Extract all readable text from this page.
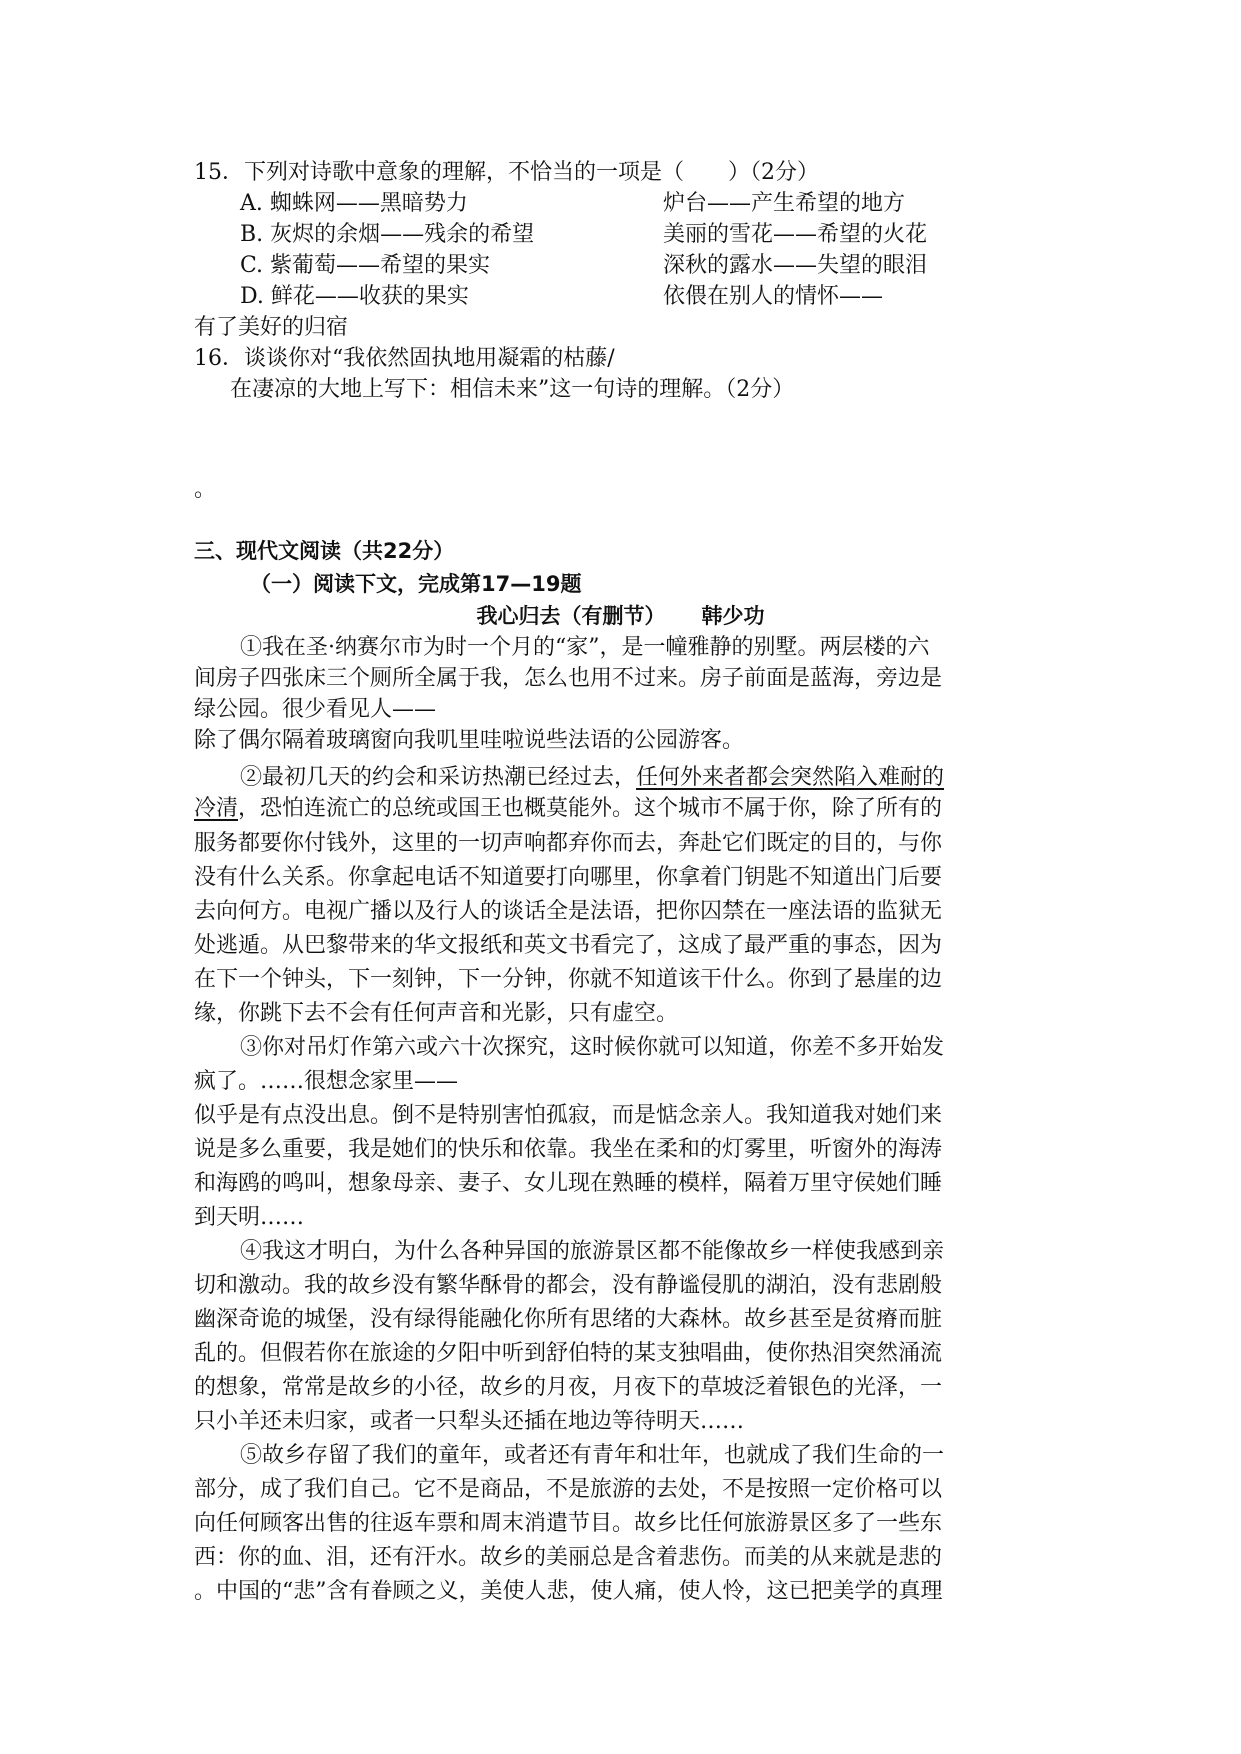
15．下列对诗歌中意象的理解，不恰当的一项是（　　）（2分）
A. 蜘蛛网——黑暗势力	炉台——产生希望的地方
B. 灰烬的余烟——残余的希望	美丽的雪花——希望的火花
C. 紫葡萄——希望的果实	深秋的露水——失望的眼泪
D. 鲜花——收获的果实	依偎在别人的情怀——
有了美好的归宿
16．谈谈你对“我依然固执地用凝霜的枯藤/
在凄凉的大地上写下：相信未来”这一句诗的理解。（2分）
。
三、现代文阅读（共22分）
（一）阅读下文，完成第17—19题
我心归去（有删节） 韩少功
①我在圣·纳赛尔市为时一个月的“家”，是一幢雅静的别墅。两层楼的六
间房子四张床三个厕所全属于我，怎么也用不过来。房子前面是蓝海，旁边是
绿公园。很少看见人——
除了偶尔隔着玻璃窗向我叽里哇啦说些法语的公园游客。
②最初几天的约会和采访热潮已经过去，任何外来者都会突然陷入难耐的
冷清，恐怕连流亡的总统或国王也概莫能外。这个城市不属于你，除了所有的
服务都要你付钱外，这里的一切声响都弃你而去，奔赴它们既定的目的，与你
没有什么关系。你拿起电话不知道要打向哪里，你拿着门钥匙不知道出门后要
去向何方。电视广播以及行人的谈话全是法语，把你囚禁在一座法语的监狱无
处逃遁。从巴黎带来的华文报纸和英文书看完了，这成了最严重的事态，因为
在下一个钟头，下一刻钟，下一分钟，你就不知道该干什么。你到了悬崖的边
缘，你跳下去不会有任何声音和光影，只有虚空。
③你对吊灯作第六或六十次探究，这时候你就可以知道，你差不多开始发
疯了。……很想念家里——
似乎是有点没出息。倒不是特别害怕孤寂，而是惦念亲人。我知道我对她们来
说是多么重要，我是她们的快乐和依靠。我坐在柔和的灯雾里，听窗外的海涛
和海鸥的鸣叫，想象母亲、妻子、女儿现在熟睡的模样，隔着万里守侯她们睡
到天明……
④我这才明白，为什么各种异国的旅游景区都不能像故乡一样使我感到亲
切和激动。我的故乡没有繁华酥骨的都会，没有静谧侵肌的湖泊，没有悲剧般
幽深奇诡的城堡，没有绿得能融化你所有思绪的大森林。故乡甚至是贫瘠而脏
乱的。但假若你在旅途的夕阳中听到舒伯特的某支独唱曲，使你热泪突然涌流
的想象，常常是故乡的小径，故乡的月夜，月夜下的草坡泛着银色的光泽，一
只小羊还未归家，或者一只犁头还插在地边等待明天……
⑤故乡存留了我们的童年，或者还有青年和壮年，也就成了我们生命的一
部分，成了我们自己。它不是商品，不是旅游的去处，不是按照一定价格可以
向任何顾客出售的往返车票和周末消遣节目。故乡比任何旅游景区多了一些东
西：你的血、泪，还有汗水。故乡的美丽总是含着悲伤。而美的从来就是悲的
。中国的“悲”含有眷顾之义，美使人悲，使人痛，使人怜，这已把美学的真理
